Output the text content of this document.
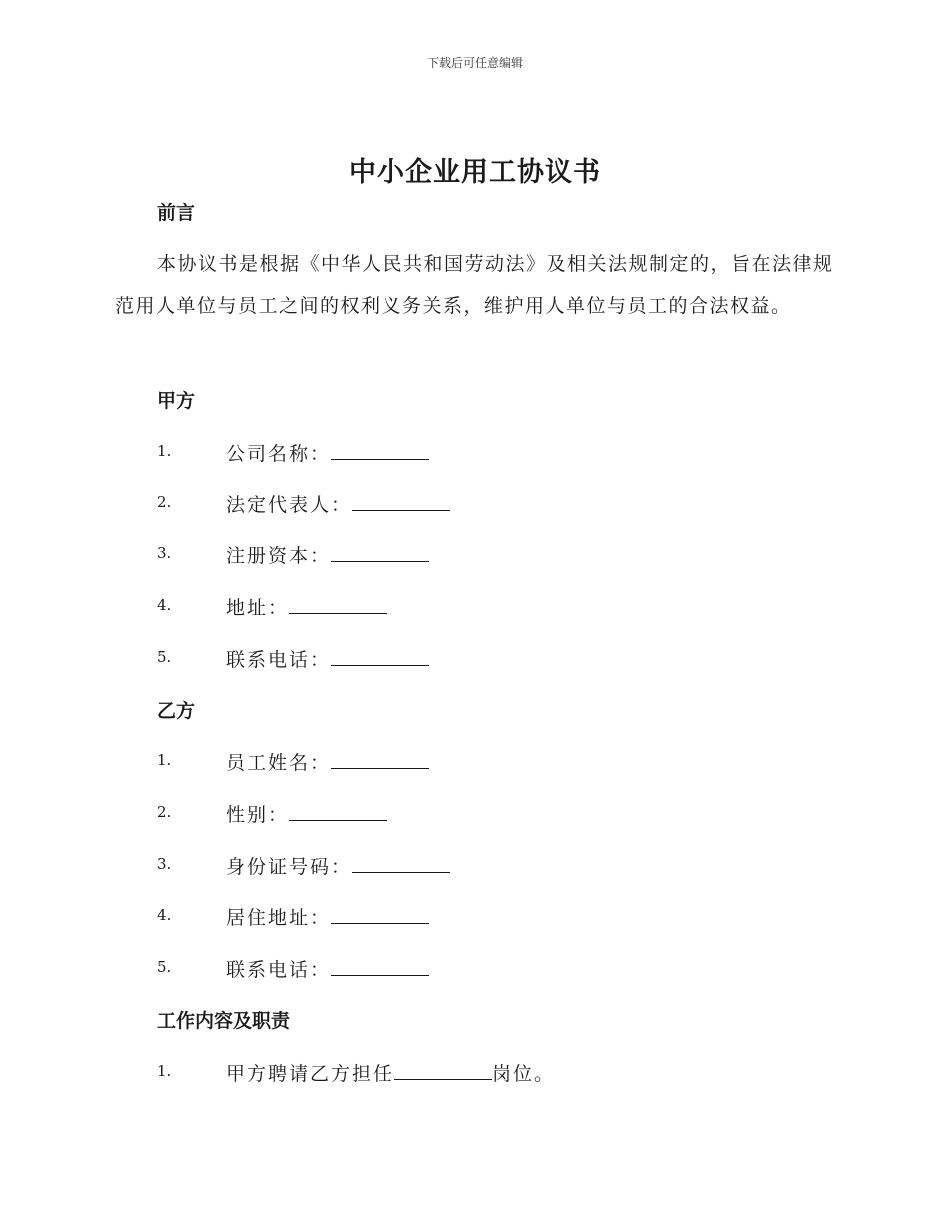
下载后可任意编辑
中小企业用工协议书
前言
本协议书是根据《中华人民共和国劳动法》及相关法规制定的，旨在法律规范用人单位与员工之间的权利义务关系，维护用人单位与员工的合法权益。
甲方
1.	公司名称：
2.	法定代表人：
3.	注册资本：
4.	地址：
5.	联系电话：
乙方
1.	员工姓名：
2.	性别：
3.	身份证号码：
4.	居住地址：
5.	联系电话：
工作内容及职责
1.	甲方聘请乙方担任	岗位。
